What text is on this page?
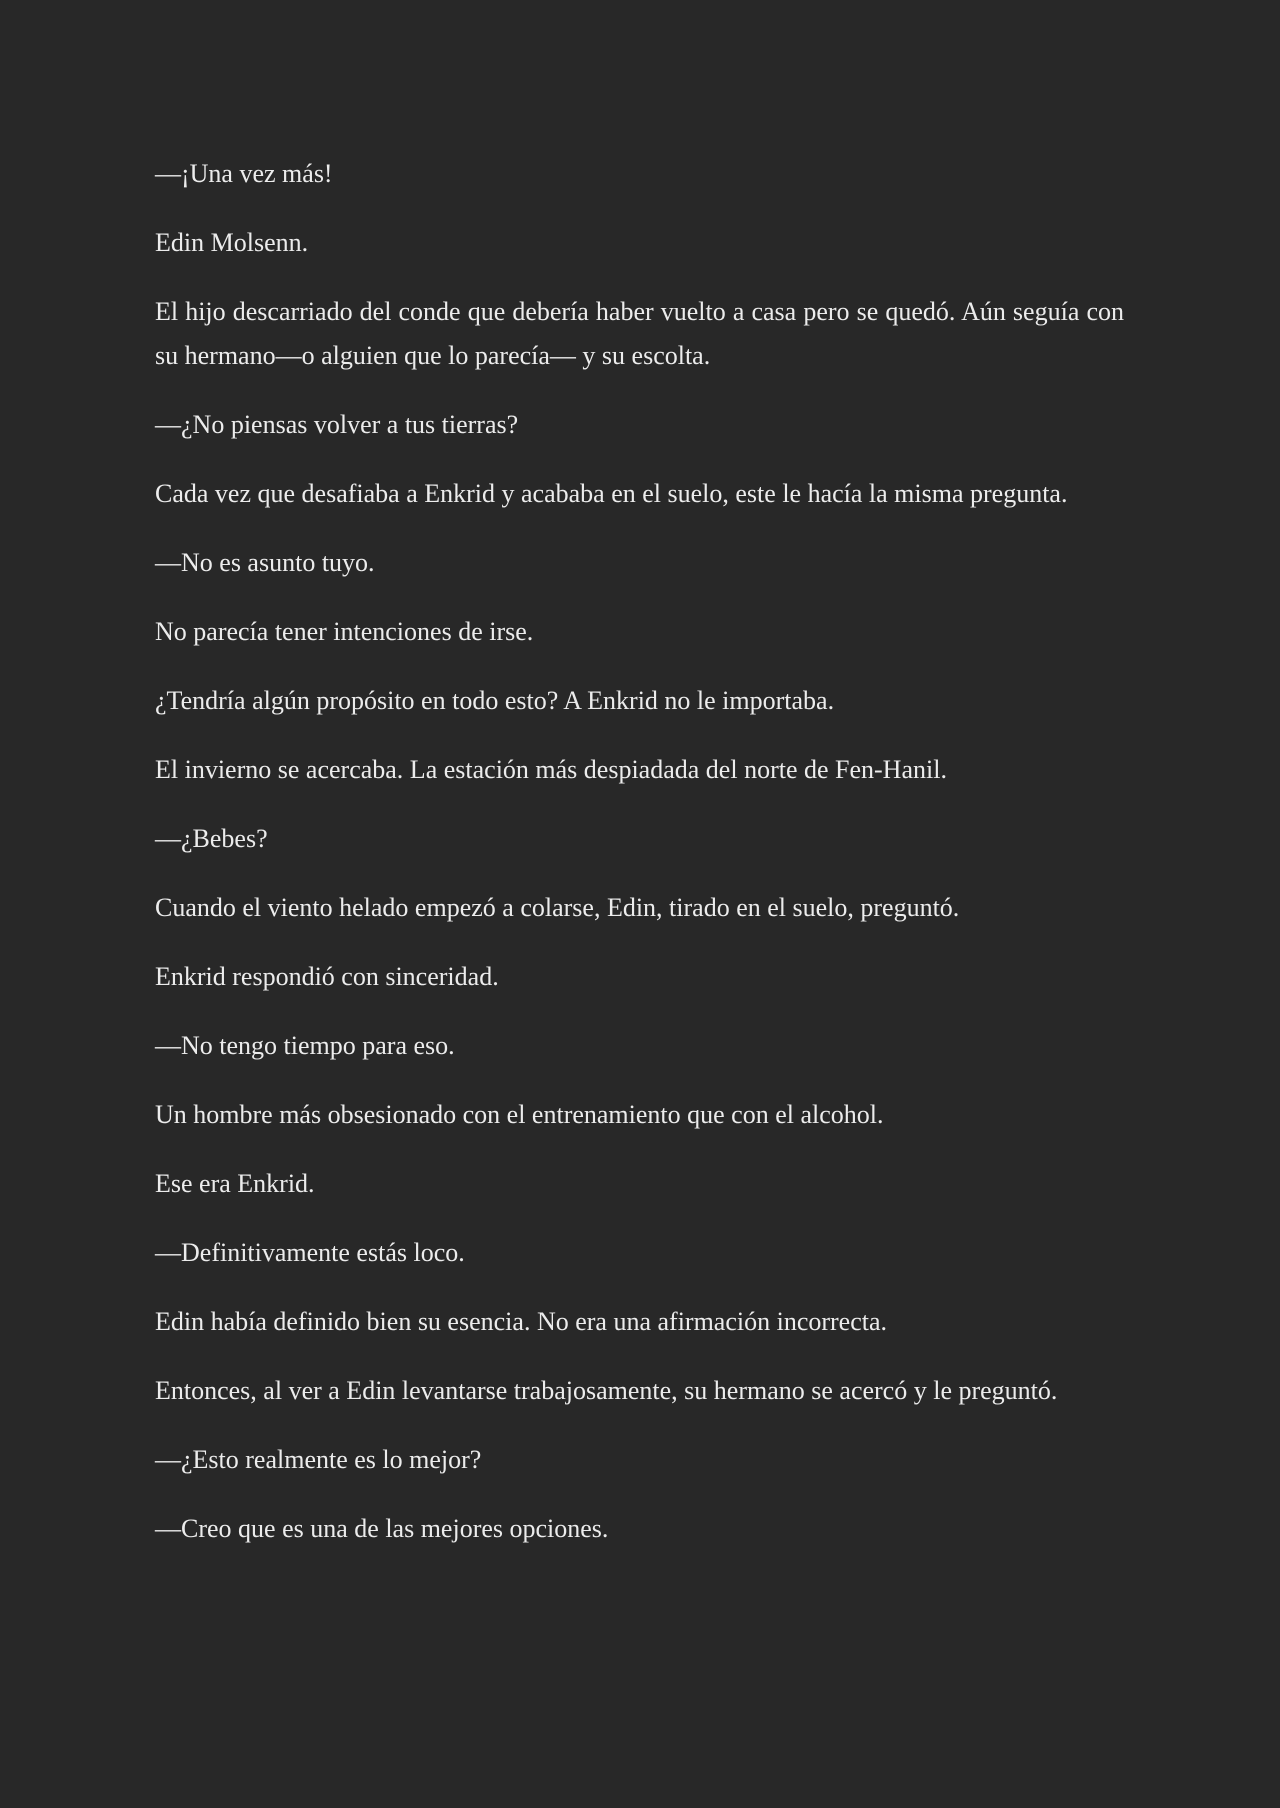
—¡Una vez más!

Edin Molsenn.

El hijo descarriado del conde que debería haber vuelto a casa pero se quedó. Aún seguía con su hermano—o alguien que lo parecía— y su escolta.

—¿No piensas volver a tus tierras?

Cada vez que desafiaba a Enkrid y acababa en el suelo, este le hacía la misma pregunta.

—No es asunto tuyo.

No parecía tener intenciones de irse.

¿Tendría algún propósito en todo esto? A Enkrid no le importaba.

El invierno se acercaba. La estación más despiadada del norte de Fen-Hanil.

—¿Bebes?

Cuando el viento helado empezó a colarse, Edin, tirado en el suelo, preguntó.

Enkrid respondió con sinceridad.

—No tengo tiempo para eso.

Un hombre más obsesionado con el entrenamiento que con el alcohol.

Ese era Enkrid.

—Definitivamente estás loco.

Edin había definido bien su esencia. No era una afirmación incorrecta.

Entonces, al ver a Edin levantarse trabajosamente, su hermano se acercó y le preguntó.

—¿Esto realmente es lo mejor?

—Creo que es una de las mejores opciones.
